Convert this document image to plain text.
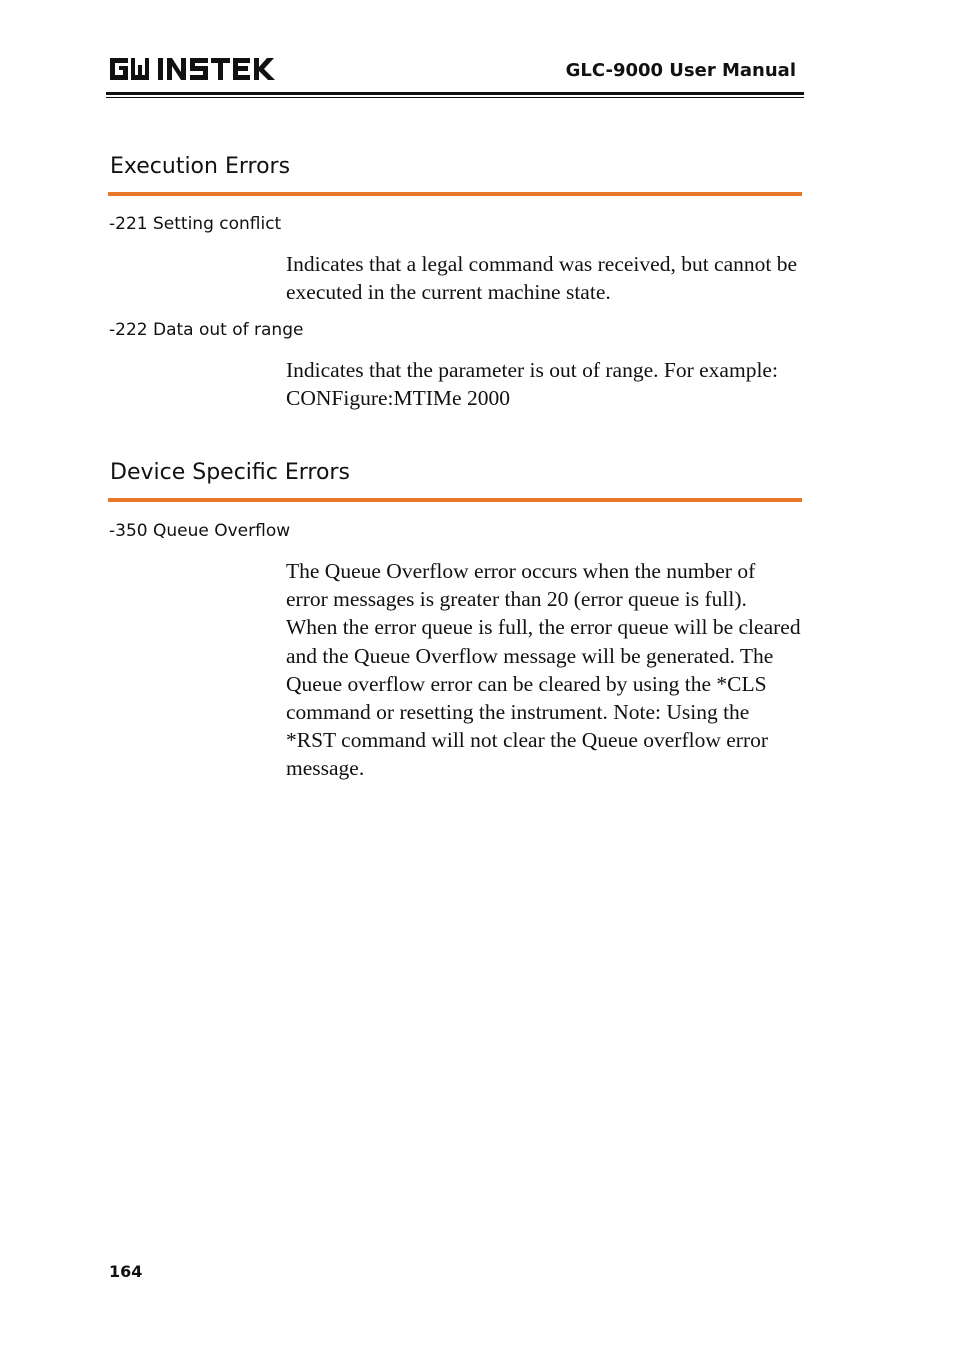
GLC-9000 User Manual
Execution Errors
-221 Setting conflict
Indicates that a legal command was received, but cannot be executed in the current machine state.
-222 Data out of range
Indicates that the parameter is out of range. For example: CONFigure:MTIMe 2000
Device Specific Errors
-350 Queue Overflow
The Queue Overflow error occurs when the number of error messages is greater than 20 (error queue is full). When the error queue is full, the error queue will be cleared and the Queue Overflow message will be generated. The Queue overflow error can be cleared by using the *CLS command or resetting the instrument. Note: Using the *RST command will not clear the Queue overflow error message.
164
